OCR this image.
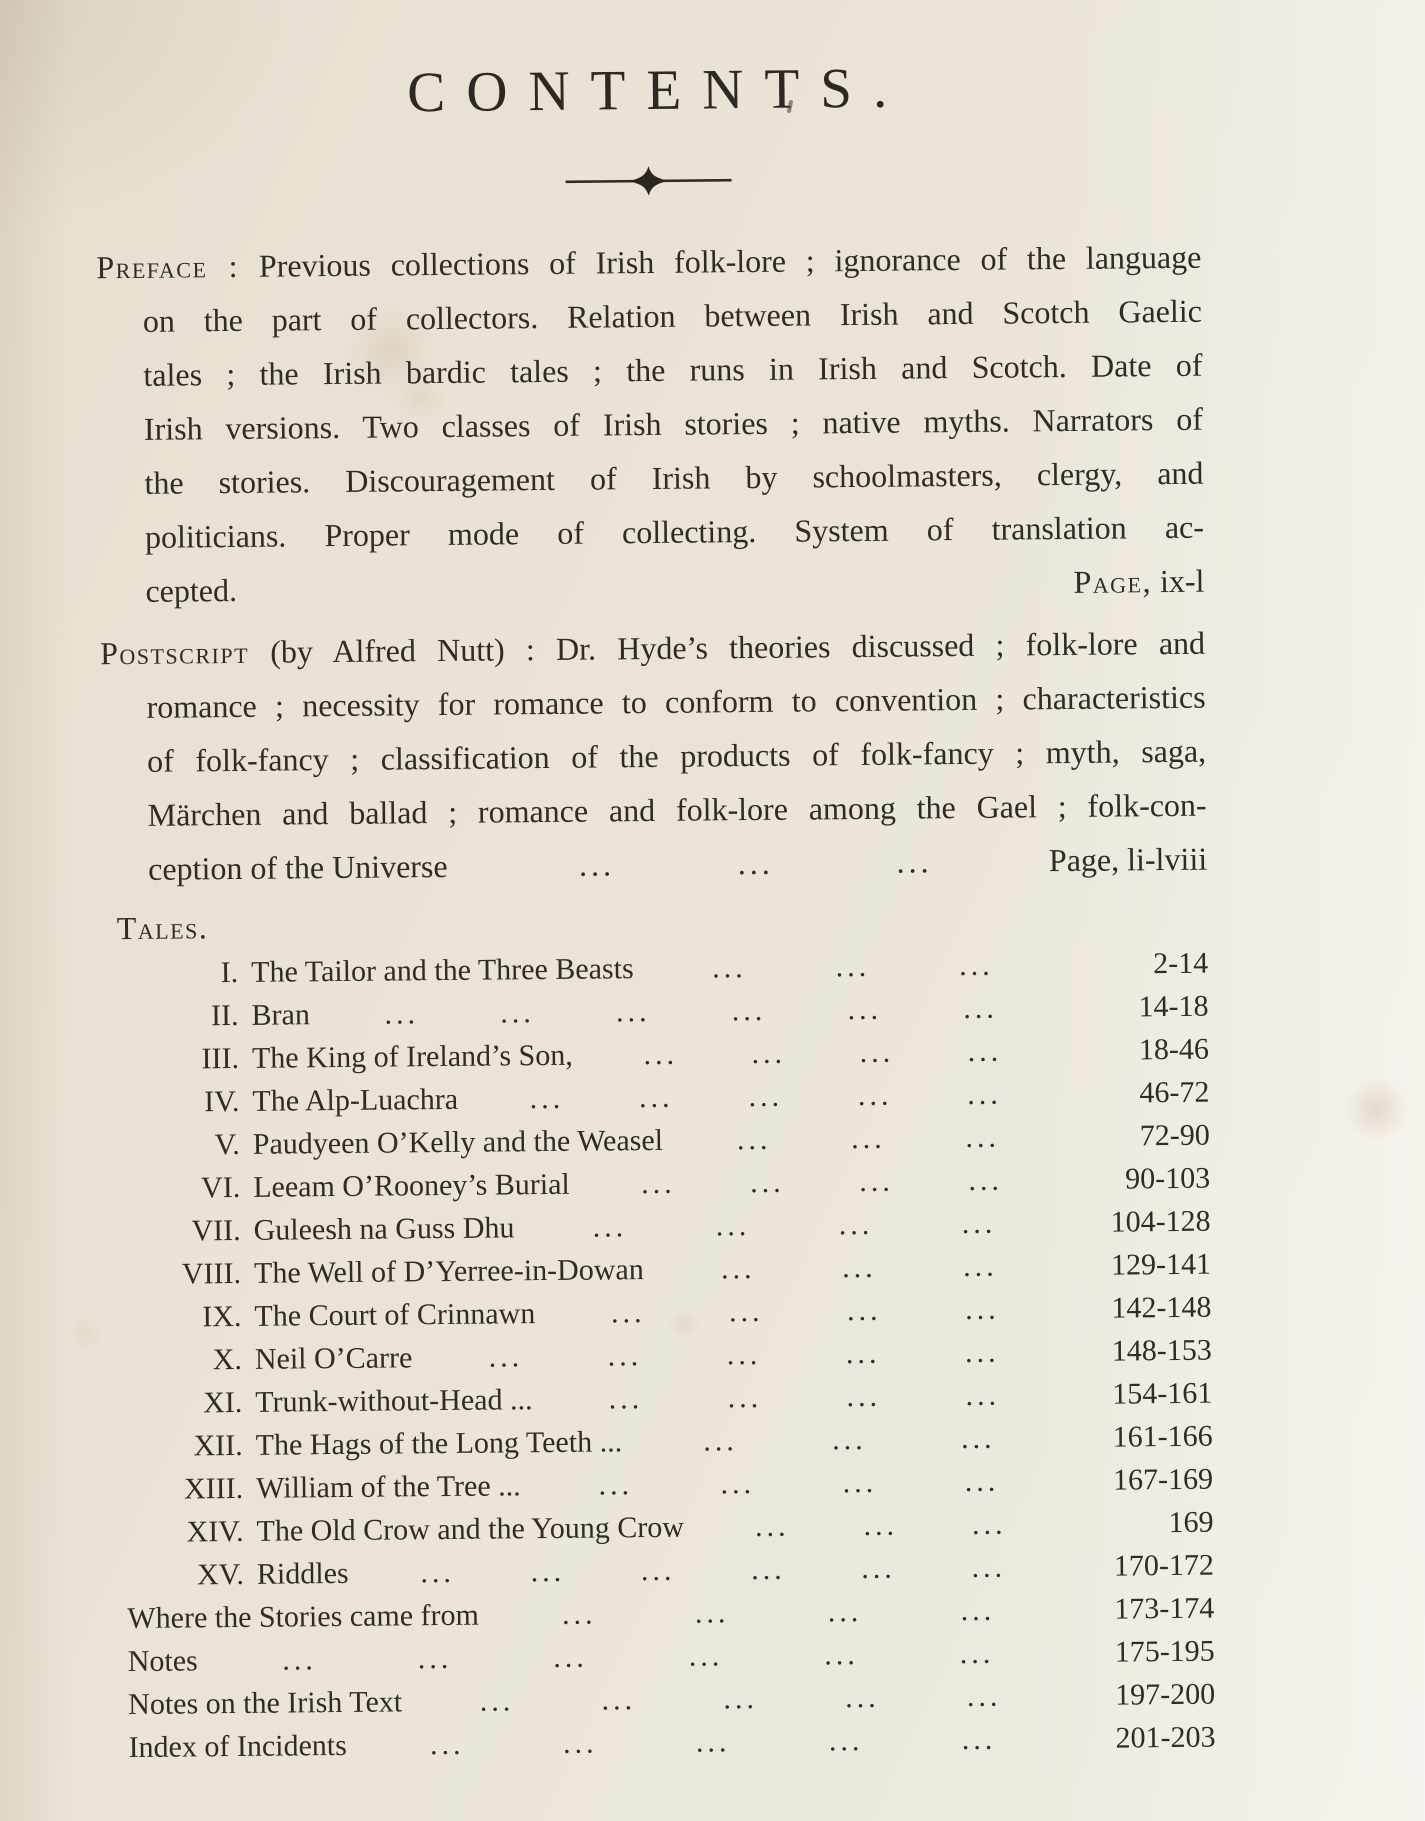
CONTENTS.
Preface : Previous collections of Irish folk-lore ; ignorance of the language
on the part of collectors. Relation between Irish and Scotch Gaelic
tales ; the Irish bardic tales ; the runs in Irish and Scotch. Date of
Irish versions. Two classes of Irish stories ; native myths. Narrators of
the stories. Discouragement of Irish by schoolmasters, clergy, and
politicians. Proper mode of collecting. System of translation ac-
cepted.	Page, ix-l
Postscript (by Alfred Nutt) : Dr. Hyde’s theories discussed ; folk-lore and
romance ; necessity for romance to conform to convention ; characteristics
of folk-fancy ; classification of the products of folk-fancy ; myth, saga,
Märchen and ballad ; romance and folk-lore among the Gael ; folk-con-
ception of the Universe	...	...	...	Page, li-lviii
Tales.
I. The Tailor and the Three Beasts	...	...	...	2-14
II. Bran ...	...	...	...	...	...	14-18
III. The King of Ireland’s Son, ... ... ... ...	18-46
IV. The Alp-Luachra ... ... ... ... ...	46-72
V. Paudyeen O’Kelly and the Weasel ...	...	...	72-90
VI. Leeam O’Rooney’s Burial ... ... ... ...	90-103
VII. Guleesh na Guss Dhu	...	...	...	...	104-128
VIII. The Well of D’Yerree-in-Dowan	...	...	...	129-141
IX. The Court of Crinnawn	...	...	...	...	142-148
X. Neil O’Carre	...	...	...	...	...	148-153
XI. Trunk-without-Head ...	...	...	...	...	154-161
XII. The Hags of the Long Teeth ...	...	...	...	161-166
XIII. William of the Tree ...	...	...	...	...	167-169
XIV. The Old Crow and the Young Crow ... ... ...	169
XV. Riddles ...	...	...	...	...	...	170-172
Where the Stories came from	...	...	...	...	173-174
Notes	...	...	...	...	...	...	175-195
Notes on the Irish Text	...	...	...	...	...	197-200
Index of Incidents	...	...	...	...	...	201-203
